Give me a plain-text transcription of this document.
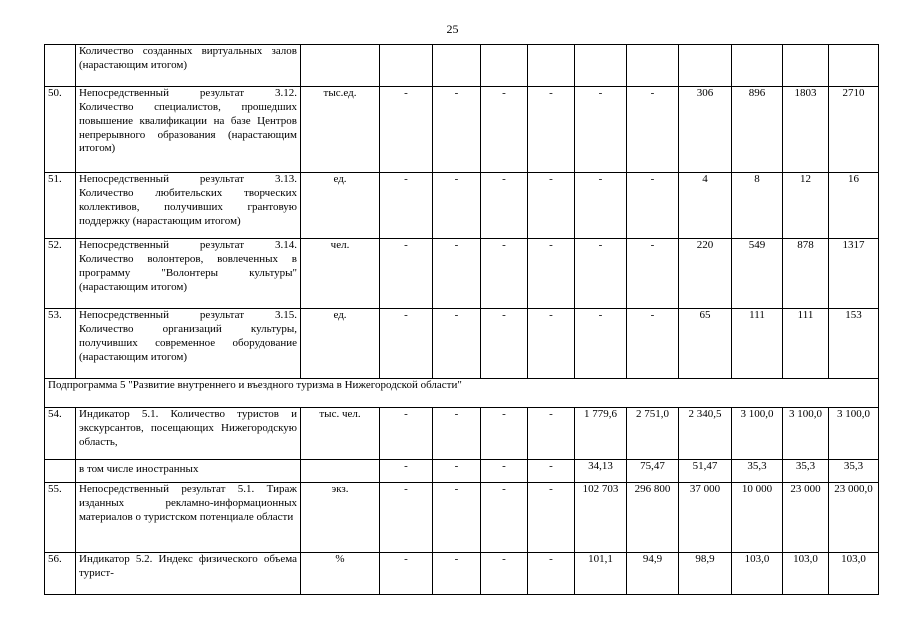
25
	Количество созданных виртуальных залов (нарастающим итогом)											
50.	Непосредственный результат 3.12. Количество специалистов, прошедших повышение квалификации на базе Центров непрерывного образования (нарастающим итогом)	тыс.ед.	-	-	-	-	-	-	306	896	1803	2710
51.	Непосредственный результат 3.13. Количество любительских творческих коллективов, получивших грантовую поддержку (нарастающим итогом)	ед.	-	-	-	-	-	-	4	8	12	16
52.	Непосредственный результат 3.14. Количество волонтеров, вовлеченных в программу "Волонтеры культуры" (нарастающим итогом)	чел.	-	-	-	-	-	-	220	549	878	1317
53.	Непосредственный результат 3.15. Количество организаций культуры, получивших современное оборудование (нарастающим итогом)	ед.	-	-	-	-	-	-	65	111	111	153
Подпрограмма 5 "Развитие внутреннего и въездного туризма в Нижегородской области"												
54.	Индикатор 5.1. Количество туристов и экскурсантов, посещающих Нижегородскую область,	тыс. чел.	-	-	-	-	1 779,6	2 751,0	2 340,5	3 100,0	3 100,0	3 100,0
	в том числе иностранных		-	-	-	-	34,13	75,47	51,47	35,3	35,3	35,3
55.	Непосредственный результат 5.1. Тираж изданных рекламно-информационных материалов о туристском потенциале области	экз.	-	-	-	-	102 703	296 800	37 000	10 000	23 000	23 000,0
56.	Индикатор 5.2. Индекс физического объема турист-	%	-	-	-	-	101,1	94,9	98,9	103,0	103,0	103,0
